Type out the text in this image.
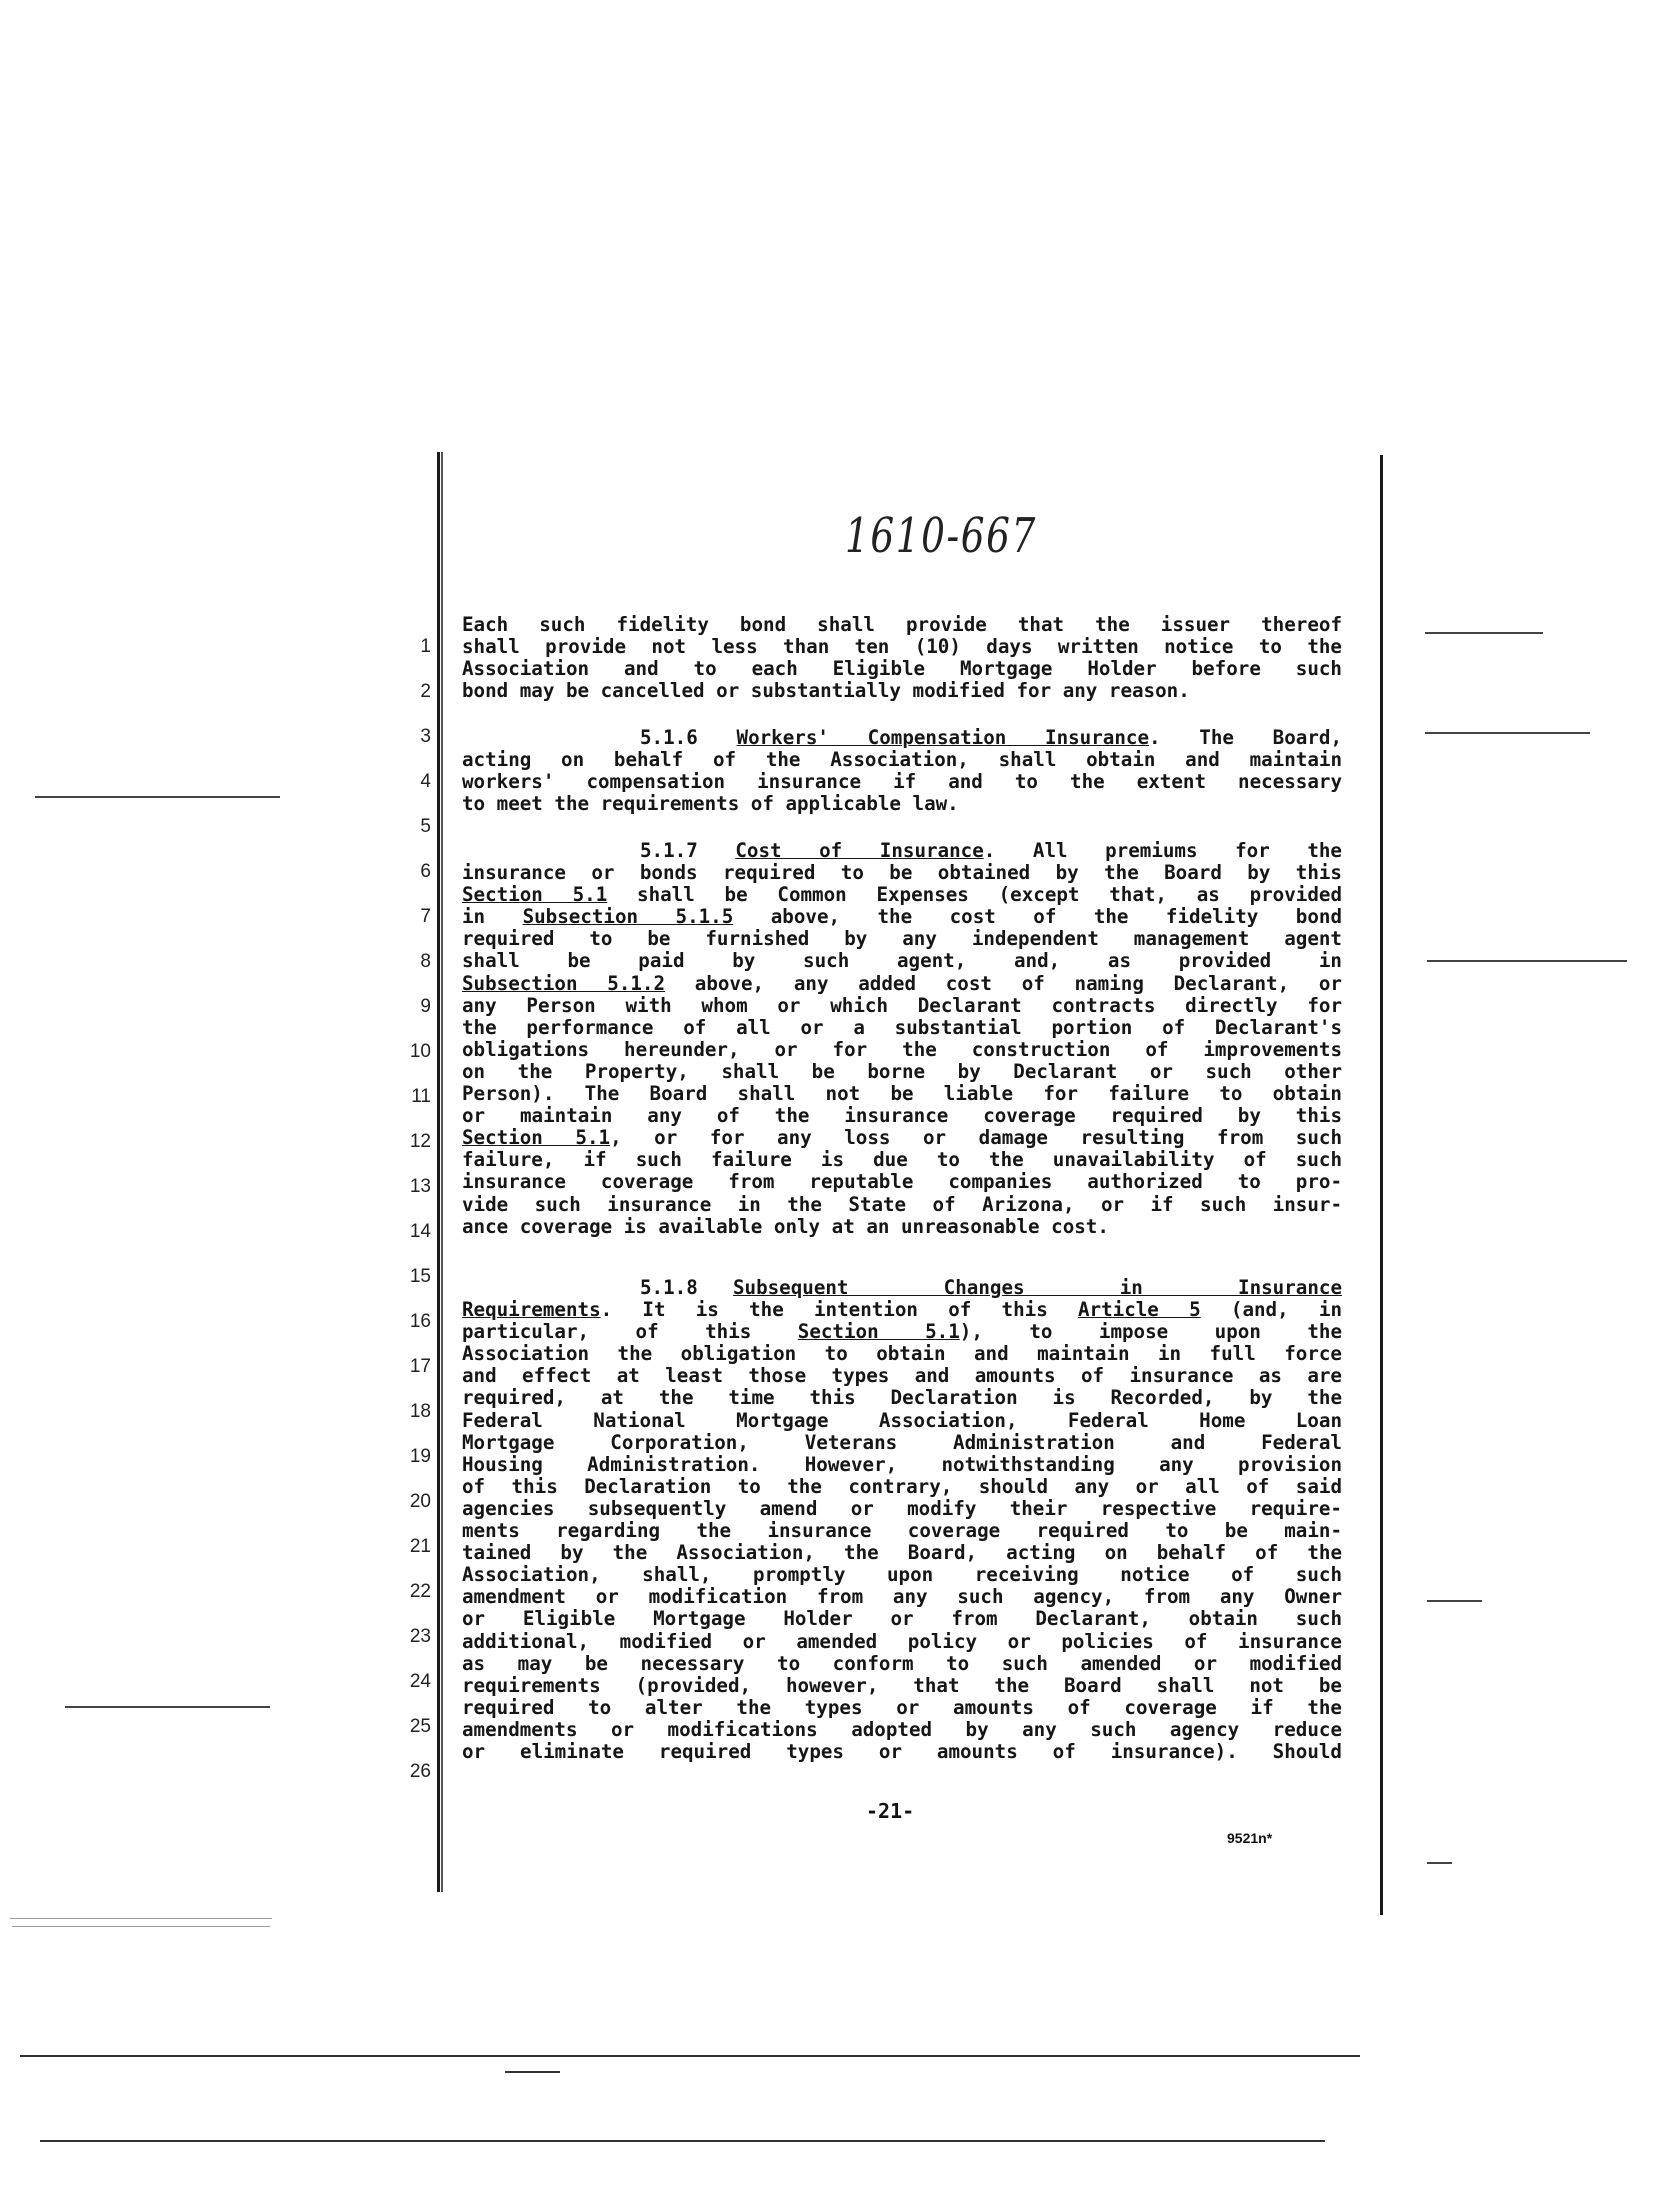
1610-667
1
2
3
4
5
6
7
8
9
10
11
12
13
14
15
16
17
18
19
20
21
22
23
24
25
26
Each such fidelity bond shall provide that the issuer thereof
shall provide not less than ten (10) days written notice to the
Association and to each Eligible Mortgage Holder before such
bond may be cancelled or substantially modified for any reason.
5.1.6 Workers' Compensation Insurance. The Board,
acting on behalf of the Association, shall obtain and maintain
workers' compensation insurance if and to the extent necessary
to meet the requirements of applicable law.
5.1.7 Cost of Insurance. All premiums for the
insurance or bonds required to be obtained by the Board by this
Section 5.1 shall be Common Expenses (except that, as provided
in Subsection 5.1.5 above, the cost of the fidelity bond
required to be furnished by any independent management agent
shall be paid by such agent, and, as provided in
Subsection 5.1.2 above, any added cost of naming Declarant, or
any Person with whom or which Declarant contracts directly for
the performance of all or a substantial portion of Declarant's
obligations hereunder, or for the construction of improvements
on the Property, shall be borne by Declarant or such other
Person). The Board shall not be liable for failure to obtain
or maintain any of the insurance coverage required by this
Section 5.1, or for any loss or damage resulting from such
failure, if such failure is due to the unavailability of such
insurance coverage from reputable companies authorized to pro-
vide such insurance in the State of Arizona, or if such insur-
ance coverage is available only at an unreasonable cost.
5.1.8 Subsequent Changes in Insurance
Requirements. It is the intention of this Article 5 (and, in
particular, of this Section 5.1), to impose upon the
Association the obligation to obtain and maintain in full force
and effect at least those types and amounts of insurance as are
required, at the time this Declaration is Recorded, by the
Federal National Mortgage Association, Federal Home Loan
Mortgage Corporation, Veterans Administration and Federal
Housing Administration. However, notwithstanding any provision
of this Declaration to the contrary, should any or all of said
agencies subsequently amend or modify their respective require-
ments regarding the insurance coverage required to be main-
tained by the Association, the Board, acting on behalf of the
Association, shall, promptly upon receiving notice of such
amendment or modification from any such agency, from any Owner
or Eligible Mortgage Holder or from Declarant, obtain such
additional, modified or amended policy or policies of insurance
as may be necessary to conform to such amended or modified
requirements (provided, however, that the Board shall not be
required to alter the types or amounts of coverage if the
amendments or modifications adopted by any such agency reduce
or eliminate required types or amounts of insurance). Should
-21-
9521n*
